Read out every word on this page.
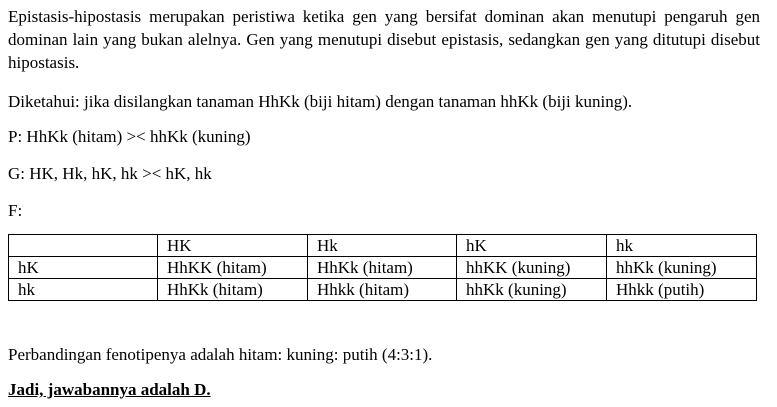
Epistasis-hipostasis merupakan peristiwa ketika gen yang bersifat dominan akan menutupi pengaruh gen dominan lain yang bukan alelnya. Gen yang menutupi disebut epistasis, sedangkan gen yang ditutupi disebut hipostasis.

Diketahui: jika disilangkan tanaman HhKk (biji hitam) dengan tanaman hhKk (biji kuning).

P: HhKk (hitam) >< hhKk (kuning)

G: HK, Hk, hK, hk >< hK, hk

F:

	HK	Hk	hK	hk
hK	HhKK (hitam)	HhKk (hitam)	hhKK (kuning)	hhKk (kuning)
hk	HhKk (hitam)	Hhkk (hitam)	hhKk (kuning)	Hhkk (putih)

Perbandingan fenotipenya adalah hitam: kuning: putih (4:3:1).

Jadi, jawabannya adalah D.
